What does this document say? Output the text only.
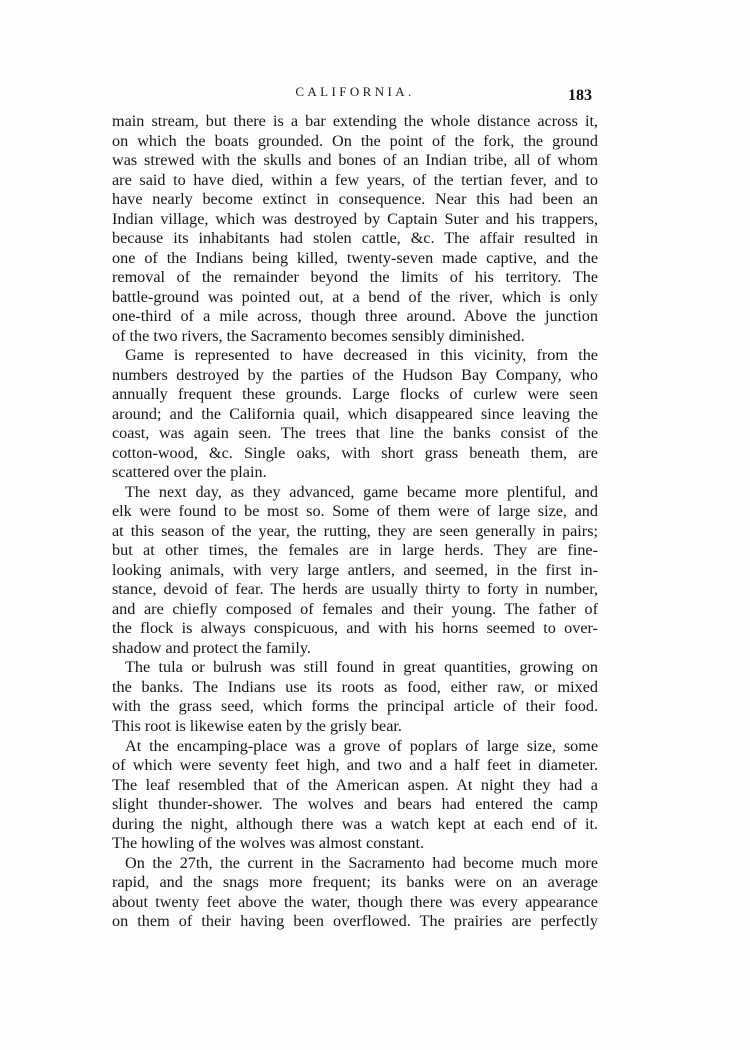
CALIFORNIA.	183
main stream, but there is a bar extending the whole distance across it,
on which the boats grounded. On the point of the fork, the ground
was strewed with the skulls and bones of an Indian tribe, all of whom
are said to have died, within a few years, of the tertian fever, and to
have nearly become extinct in consequence. Near this had been an
Indian village, which was destroyed by Captain Suter and his trappers,
because its inhabitants had stolen cattle, &c. The affair resulted in
one of the Indians being killed, twenty-seven made captive, and the
removal of the remainder beyond the limits of his territory. The
battle-ground was pointed out, at a bend of the river, which is only
one-third of a mile across, though three around. Above the junction
of the two rivers, the Sacramento becomes sensibly diminished.
Game is represented to have decreased in this vicinity, from the
numbers destroyed by the parties of the Hudson Bay Company, who
annually frequent these grounds. Large flocks of curlew were seen
around; and the California quail, which disappeared since leaving the
coast, was again seen. The trees that line the banks consist of the
cotton-wood, &c. Single oaks, with short grass beneath them, are
scattered over the plain.
The next day, as they advanced, game became more plentiful, and
elk were found to be most so. Some of them were of large size, and
at this season of the year, the rutting, they are seen generally in pairs;
but at other times, the females are in large herds. They are fine-
looking animals, with very large antlers, and seemed, in the first in-
stance, devoid of fear. The herds are usually thirty to forty in number,
and are chiefly composed of females and their young. The father of
the flock is always conspicuous, and with his horns seemed to over-
shadow and protect the family.
The tula or bulrush was still found in great quantities, growing on
the banks. The Indians use its roots as food, either raw, or mixed
with the grass seed, which forms the principal article of their food.
This root is likewise eaten by the grisly bear.
At the encamping-place was a grove of poplars of large size, some
of which were seventy feet high, and two and a half feet in diameter.
The leaf resembled that of the American aspen. At night they had a
slight thunder-shower. The wolves and bears had entered the camp
during the night, although there was a watch kept at each end of it.
The howling of the wolves was almost constant.
On the 27th, the current in the Sacramento had become much more
rapid, and the snags more frequent; its banks were on an average
about twenty feet above the water, though there was every appearance
on them of their having been overflowed. The prairies are perfectly
